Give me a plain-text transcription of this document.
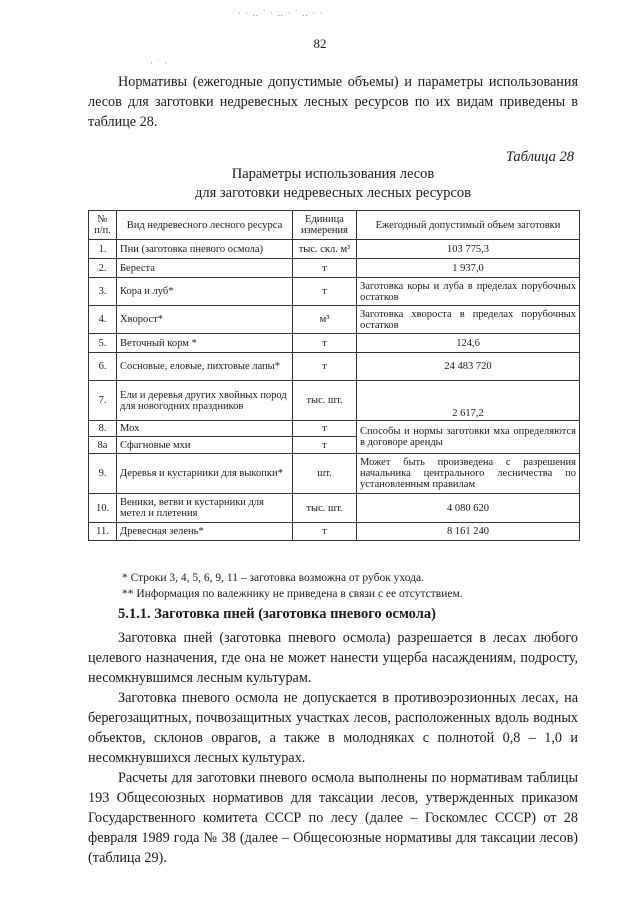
· · ‥ ˙ · ‥ · ˙ ‥ · ·
· ˙ ·
82

Нормативы (ежегодные допустимые объемы) и параметры использования лесов для заготовки недревесных лесных ресурсов по их видам приведены в таблице 28.

Таблица 28
Параметры использования лесов
для заготовки недревесных лесных ресурсов
№ п/п.	Вид недревесного лесного ресурса	Единица измерения	Ежегодный допустимый объем заготовки
1.	Пни (заготовка пневого осмола)	тыс. скл. м³	103 775,3
2.	Береста	т	1 937,0
3.	Кора и луб*	т	Заготовка коры и луба в пределах порубочных остатков
4.	Хворост*	м³	Заготовка хвороста в пределах порубочных остатков
5.	Веточный корм *	т	124,6
6.	Сосновые, еловые, пихтовые лапы*	т	24 483 720
7.	Ели и деревья других хвойных пород для новогодних праздников	тыс. шт.	2 617,2
8.	Мох	т	Способы и нормы заготовки мха определяются в договоре аренды
8а	Сфагновые мхи	т	
9.	Деревья и кустарники для выкопки*	шт.	Может быть произведена с разрешения начальника центрального лесничества по установленным правилам
10.	Веники, ветви и кустарники для метел и плетения	тыс. шт.	4 080 620
11.	Древесная зелень*	т	8 161 240
* Строки 3, 4, 5, 6, 9, 11 – заготовка возможна от рубок ухода.
** Информация по валежнику не приведена в связи с ее отсутствием.
5.1.1. Заготовка пней (заготовка пневого осмола)

Заготовка пней (заготовка пневого осмола) разрешается в лесах любого целевого назначения, где она не может нанести ущерба насаждениям, подросту, несомкнувшимся лесным культурам.

Заготовка пневого осмола не допускается в противоэрозионных лесах, на берегозащитных, почвозащитных участках лесов, расположенных вдоль водных объектов, склонов оврагов, а также в молодняках с полнотой 0,8 – 1,0 и несомкнувшихся лесных культурах.

Расчеты для заготовки пневого осмола выполнены по нормативам таблицы 193 Общесоюзных нормативов для таксации лесов, утвержденных приказом Государственного комитета СССР по лесу (далее – Госкомлес СССР) от 28 февраля 1989 года № 38 (далее – Общесоюзные нормативы для таксации лесов) (таблица 29).
